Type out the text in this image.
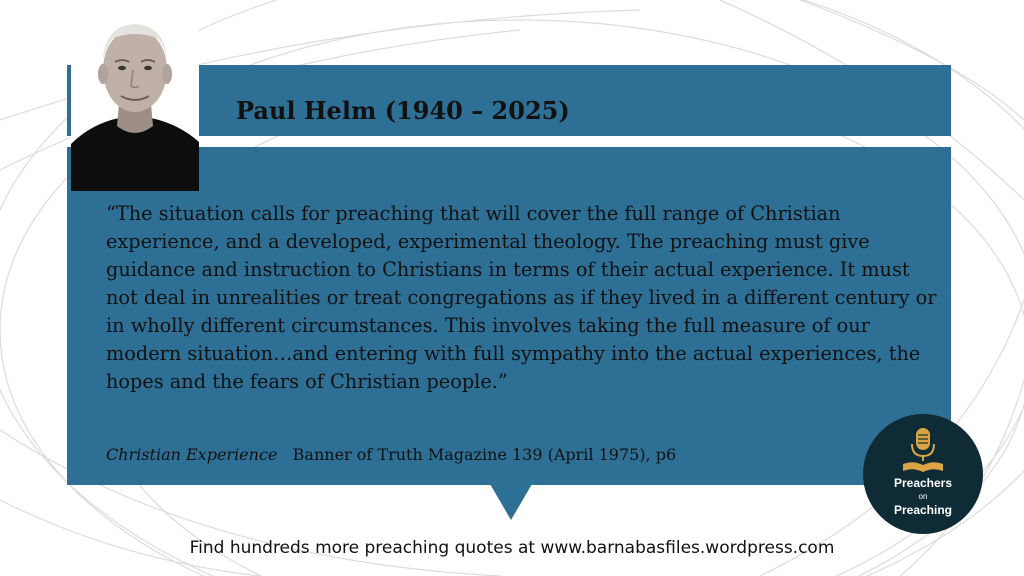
Paul Helm (1940 – 2025)

“The situation calls for preaching that will cover the full range of Christian experience, and a developed, experimental theology. The preaching must give guidance and instruction to Christians in terms of their actual experience. It must not deal in unrealities or treat congregations as if they lived in a different century or in wholly different circumstances. This involves taking the full measure of our modern situation…and entering with full sympathy into the actual experiences, the hopes and the fears of Christian people.”

Christian Experience Banner of Truth Magazine 139 (April 1975), p6
Preachers
on
Preaching
Find hundreds more preaching quotes at www.barnabasfiles.wordpress.com
